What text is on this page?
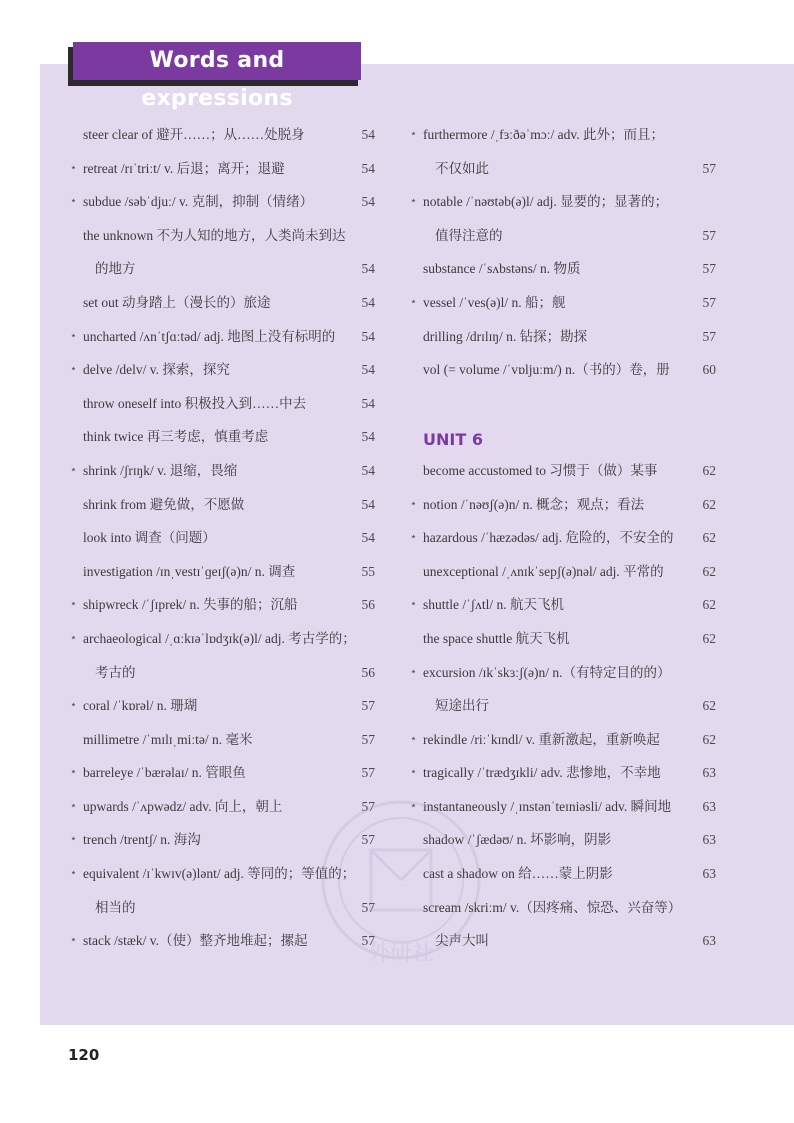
Words and expressions
steer clear of 避开……；从……处脱身	54
⋆ retreat /rɪˈtriːt/ v. 后退；离开；退避	54
⋆ subdue /səbˈdjuː/ v. 克制，抑制（情绪）	54
the unknown 不为人知的地方，人类尚未到达
的地方	54
set out 动身踏上（漫长的）旅途	54
⋆ uncharted /ʌnˈtʃɑːtəd/ adj. 地图上没有标明的 54
⋆ delve /delv/ v. 探索，探究	54
throw oneself into 积极投入到……中去	54
think twice 再三考虑，慎重考虑	54
⋆ shrink /ʃrɪŋk/ v. 退缩，畏缩	54
shrink from 避免做，不愿做	54
look into 调查（问题）	54
investigation /ɪnˌvestɪˈɡeɪʃ(ə)n/ n. 调查	55
⋆ shipwreck /ˈʃɪprek/ n. 失事的船；沉船	56
⋆ archaeological /ˌɑːkɪəˈlɒdʒɪk(ə)l/ adj. 考古学的；
考古的	56
⋆ coral /ˈkɒrəl/ n. 珊瑚	57
millimetre /ˈmɪlɪˌmiːtə/ n. 毫米	57
⋆ barreleye /ˈbærəlaɪ/ n. 管眼鱼	57
⋆ upwards /ˈʌpwədz/ adv. 向上，朝上	57
⋆ trench /trentʃ/ n. 海沟	57
⋆ equivalent /ɪˈkwɪv(ə)lənt/ adj. 等同的；等值的；
相当的	57
⋆ stack /stæk/ v.（使）整齐地堆起；摞起	57
⋆ furthermore /ˌfɜːðəˈmɔː/ adv. 此外；而且；
不仅如此	57
⋆ notable /ˈnəʊtəb(ə)l/ adj. 显要的；显著的；
值得注意的	57
substance /ˈsʌbstəns/ n. 物质	57
⋆ vessel /ˈves(ə)l/ n. 船；舰	57
drilling /drɪlɪŋ/ n. 钻探；勘探	57
vol (= volume /ˈvɒljuːm/) n.（书的）卷，册 60
UNIT 6
become accustomed to 习惯于（做）某事	62
⋆ notion /ˈnəʊʃ(ə)n/ n. 概念；观点；看法	62
⋆ hazardous /ˈhæzədəs/ adj. 危险的，不安全的 62
unexceptional /ˌʌnɪkˈsepʃ(ə)nəl/ adj. 平常的	62
⋆ shuttle /ˈʃʌtl/ n. 航天飞机	62
the space shuttle 航天飞机	62
⋆ excursion /ɪkˈskɜːʃ(ə)n/ n.（有特定目的的）
短途出行	62
⋆ rekindle /riːˈkɪndl/ v. 重新激起，重新唤起	62
⋆ tragically /ˈtrædʒɪkli/ adv. 悲惨地，不幸地	63
⋆ instantaneously /ˌɪnstənˈteɪniəsli/ adv. 瞬间地 63
shadow /ˈʃædəʊ/ n. 坏影响，阴影	63
cast a shadow on 给……蒙上阴影	63
scream /skriːm/ v.（因疼痛、惊恐、兴奋等）
尖声大叫	63
外研社
120
